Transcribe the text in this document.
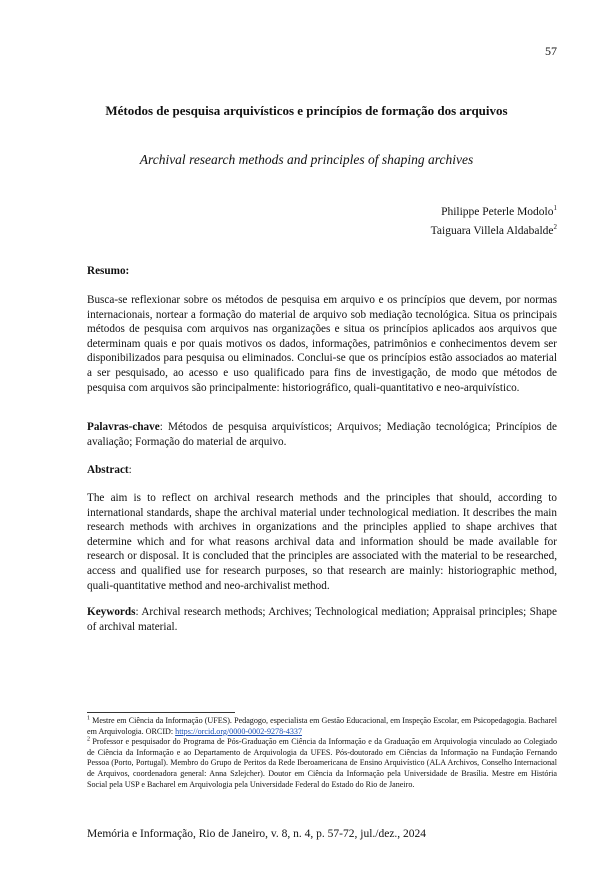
57
Métodos de pesquisa arquivísticos e princípios de formação dos arquivos
Archival research methods and principles of shaping archives
Philippe Peterle Modolo$^1$
Taiguara Villela Aldabalde$^2$
Resumo:
Busca-se reflexionar sobre os métodos de pesquisa em arquivo e os princípios que devem, por normas internacionais, nortear a formação do material de arquivo sob mediação tecnológica. Situa os principais métodos de pesquisa com arquivos nas organizações e situa os princípios aplicados aos arquivos que determinam quais e por quais motivos os dados, informações, patrimônios e conhecimentos devem ser disponibilizados para pesquisa ou eliminados. Conclui-se que os princípios estão associados ao material a ser pesquisado, ao acesso e uso qualificado para fins de investigação, de modo que métodos de pesquisa com arquivos são principalmente: historiográfico, quali-quantitativo e neo-arquivístico.
Palavras-chave: Métodos de pesquisa arquivísticos; Arquivos; Mediação tecnológica; Princípios de avaliação; Formação do material de arquivo.
Abstract:
The aim is to reflect on archival research methods and the principles that should, according to international standards, shape the archival material under technological mediation. It describes the main research methods with archives in organizations and the principles applied to shape archives that determine which and for what reasons archival data and information should be made available for research or disposal. It is concluded that the principles are associated with the material to be researched, access and qualified use for research purposes, so that research are mainly: historiographic method, quali-quantitative method and neo-archivalist method.
Keywords: Archival research methods; Archives; Technological mediation; Appraisal principles; Shape of archival material.
$^1$ Mestre em Ciência da Informação (UFES). Pedagogo, especialista em Gestão Educacional, em Inspeção Escolar, em Psicopedagogia. Bacharel em Arquivologia. ORCID: https://orcid.org/0000-0002-9278-4337
$^2$ Professor e pesquisador do Programa de Pós-Graduação em Ciência da Informação e da Graduação em Arquivologia vinculado ao Colegiado de Ciência da Informação e ao Departamento de Arquivologia da UFES. Pós-doutorado em Ciências da Informação na Fundação Fernando Pessoa (Porto, Portugal). Membro do Grupo de Peritos da Rede Iberoamericana de Ensino Arquivístico (ALA Archivos, Conselho Internacional de Arquivos, coordenadora general: Anna Szlejcher). Doutor em Ciência da Informação pela Universidade de Brasília. Mestre em História Social pela USP e Bacharel em Arquivologia pela Universidade Federal do Estado do Rio de Janeiro.
Memória e Informação, Rio de Janeiro, v. 8, n. 4, p. 57-72, jul./dez., 2024
